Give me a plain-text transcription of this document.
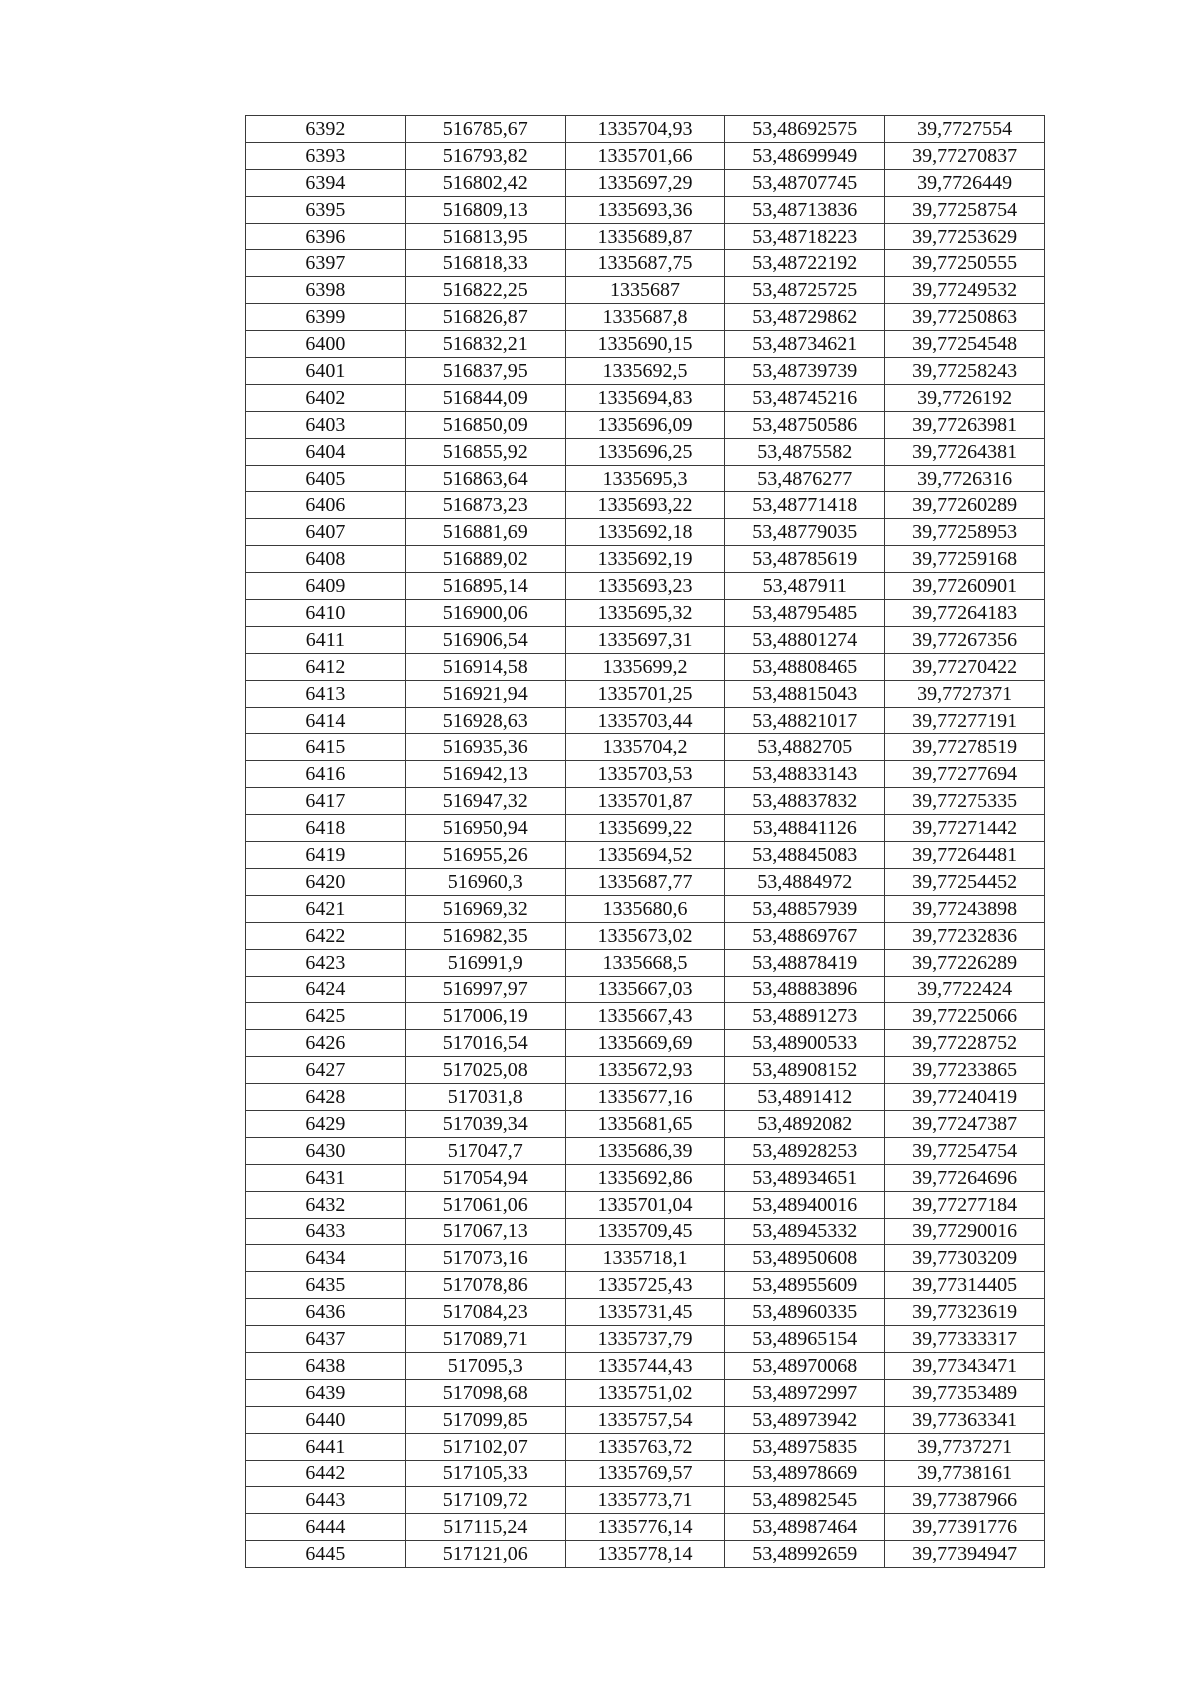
6392	516785,67	1335704,93	53,48692575	39,7727554
6393	516793,82	1335701,66	53,48699949	39,77270837
6394	516802,42	1335697,29	53,48707745	39,7726449
6395	516809,13	1335693,36	53,48713836	39,77258754
6396	516813,95	1335689,87	53,48718223	39,77253629
6397	516818,33	1335687,75	53,48722192	39,77250555
6398	516822,25	1335687	53,48725725	39,77249532
6399	516826,87	1335687,8	53,48729862	39,77250863
6400	516832,21	1335690,15	53,48734621	39,77254548
6401	516837,95	1335692,5	53,48739739	39,77258243
6402	516844,09	1335694,83	53,48745216	39,7726192
6403	516850,09	1335696,09	53,48750586	39,77263981
6404	516855,92	1335696,25	53,4875582	39,77264381
6405	516863,64	1335695,3	53,4876277	39,7726316
6406	516873,23	1335693,22	53,48771418	39,77260289
6407	516881,69	1335692,18	53,48779035	39,77258953
6408	516889,02	1335692,19	53,48785619	39,77259168
6409	516895,14	1335693,23	53,487911	39,77260901
6410	516900,06	1335695,32	53,48795485	39,77264183
6411	516906,54	1335697,31	53,48801274	39,77267356
6412	516914,58	1335699,2	53,48808465	39,77270422
6413	516921,94	1335701,25	53,48815043	39,7727371
6414	516928,63	1335703,44	53,48821017	39,77277191
6415	516935,36	1335704,2	53,4882705	39,77278519
6416	516942,13	1335703,53	53,48833143	39,77277694
6417	516947,32	1335701,87	53,48837832	39,77275335
6418	516950,94	1335699,22	53,48841126	39,77271442
6419	516955,26	1335694,52	53,48845083	39,77264481
6420	516960,3	1335687,77	53,4884972	39,77254452
6421	516969,32	1335680,6	53,48857939	39,77243898
6422	516982,35	1335673,02	53,48869767	39,77232836
6423	516991,9	1335668,5	53,48878419	39,77226289
6424	516997,97	1335667,03	53,48883896	39,7722424
6425	517006,19	1335667,43	53,48891273	39,77225066
6426	517016,54	1335669,69	53,48900533	39,77228752
6427	517025,08	1335672,93	53,48908152	39,77233865
6428	517031,8	1335677,16	53,4891412	39,77240419
6429	517039,34	1335681,65	53,4892082	39,77247387
6430	517047,7	1335686,39	53,48928253	39,77254754
6431	517054,94	1335692,86	53,48934651	39,77264696
6432	517061,06	1335701,04	53,48940016	39,77277184
6433	517067,13	1335709,45	53,48945332	39,77290016
6434	517073,16	1335718,1	53,48950608	39,77303209
6435	517078,86	1335725,43	53,48955609	39,77314405
6436	517084,23	1335731,45	53,48960335	39,77323619
6437	517089,71	1335737,79	53,48965154	39,77333317
6438	517095,3	1335744,43	53,48970068	39,77343471
6439	517098,68	1335751,02	53,48972997	39,77353489
6440	517099,85	1335757,54	53,48973942	39,77363341
6441	517102,07	1335763,72	53,48975835	39,7737271
6442	517105,33	1335769,57	53,48978669	39,7738161
6443	517109,72	1335773,71	53,48982545	39,77387966
6444	517115,24	1335776,14	53,48987464	39,77391776
6445	517121,06	1335778,14	53,48992659	39,77394947
